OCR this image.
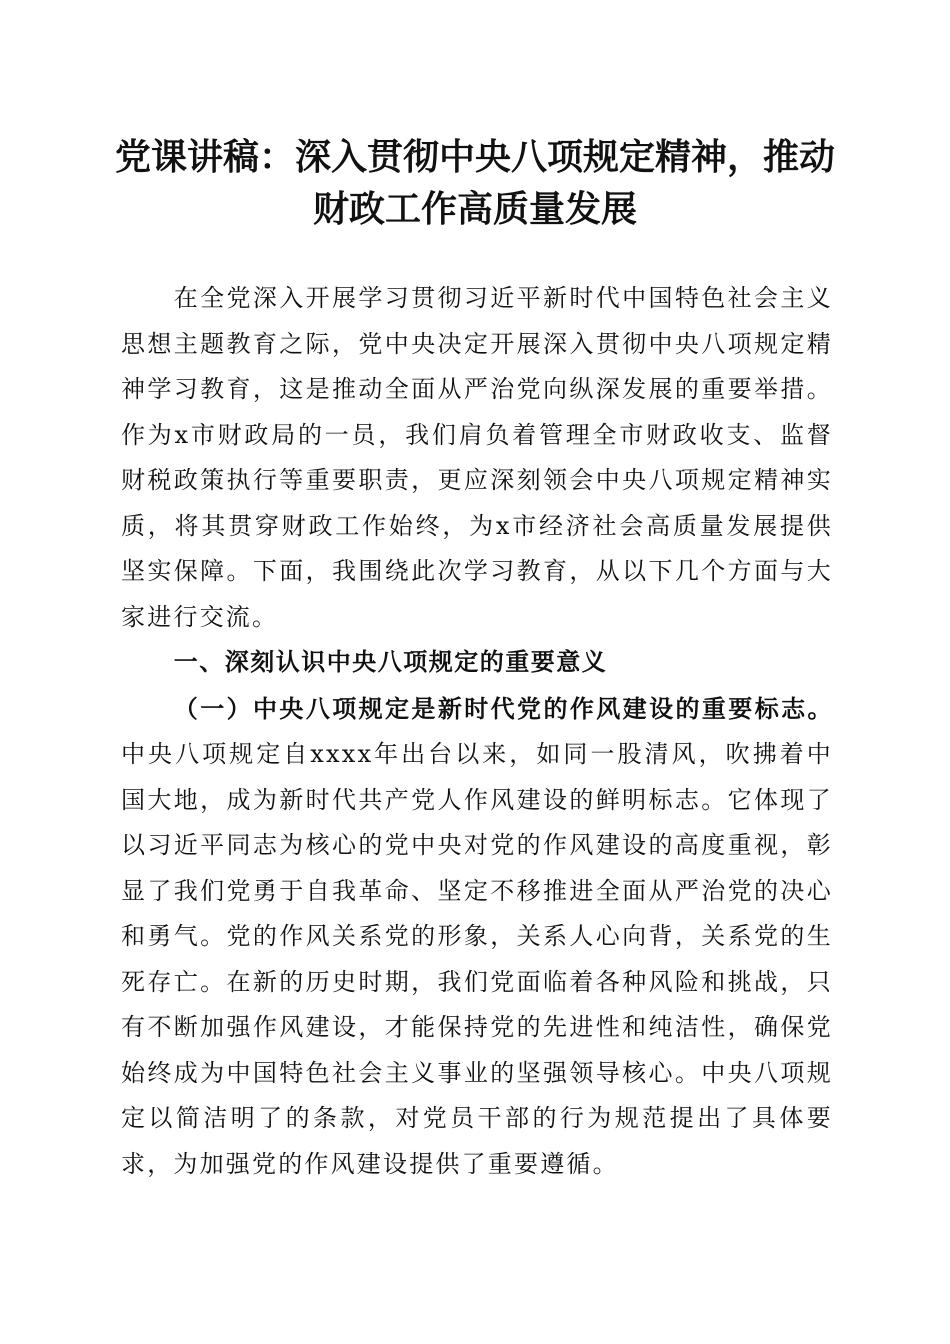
党课讲稿：深入贯彻中央八项规定精神，推动
财政工作高质量发展

在全党深入开展学习贯彻习近平新时代中国特色社会主义思想主题教育之际，党中央决定开展深入贯彻中央八项规定精神学习教育，这是推动全面从严治党向纵深发展的重要举措。作为x市财政局的一员，我们肩负着管理全市财政收支、监督财税政策执行等重要职责，更应深刻领会中央八项规定精神实质，将其贯穿财政工作始终，为x市经济社会高质量发展提供坚实保障。下面，我围绕此次学习教育，从以下几个方面与大家进行交流。

一、深刻认识中央八项规定的重要意义

（一）中央八项规定是新时代党的作风建设的重要标志。中央八项规定自xxxx年出台以来，如同一股清风，吹拂着中国大地，成为新时代共产党人作风建设的鲜明标志。它体现了以习近平同志为核心的党中央对党的作风建设的高度重视，彰显了我们党勇于自我革命、坚定不移推进全面从严治党的决心和勇气。党的作风关系党的形象，关系人心向背，关系党的生死存亡。在新的历史时期，我们党面临着各种风险和挑战，只有不断加强作风建设，才能保持党的先进性和纯洁性，确保党始终成为中国特色社会主义事业的坚强领导核心。中央八项规定以简洁明了的条款，对党员干部的行为规范提出了具体要求，为加强党的作风建设提供了重要遵循。
